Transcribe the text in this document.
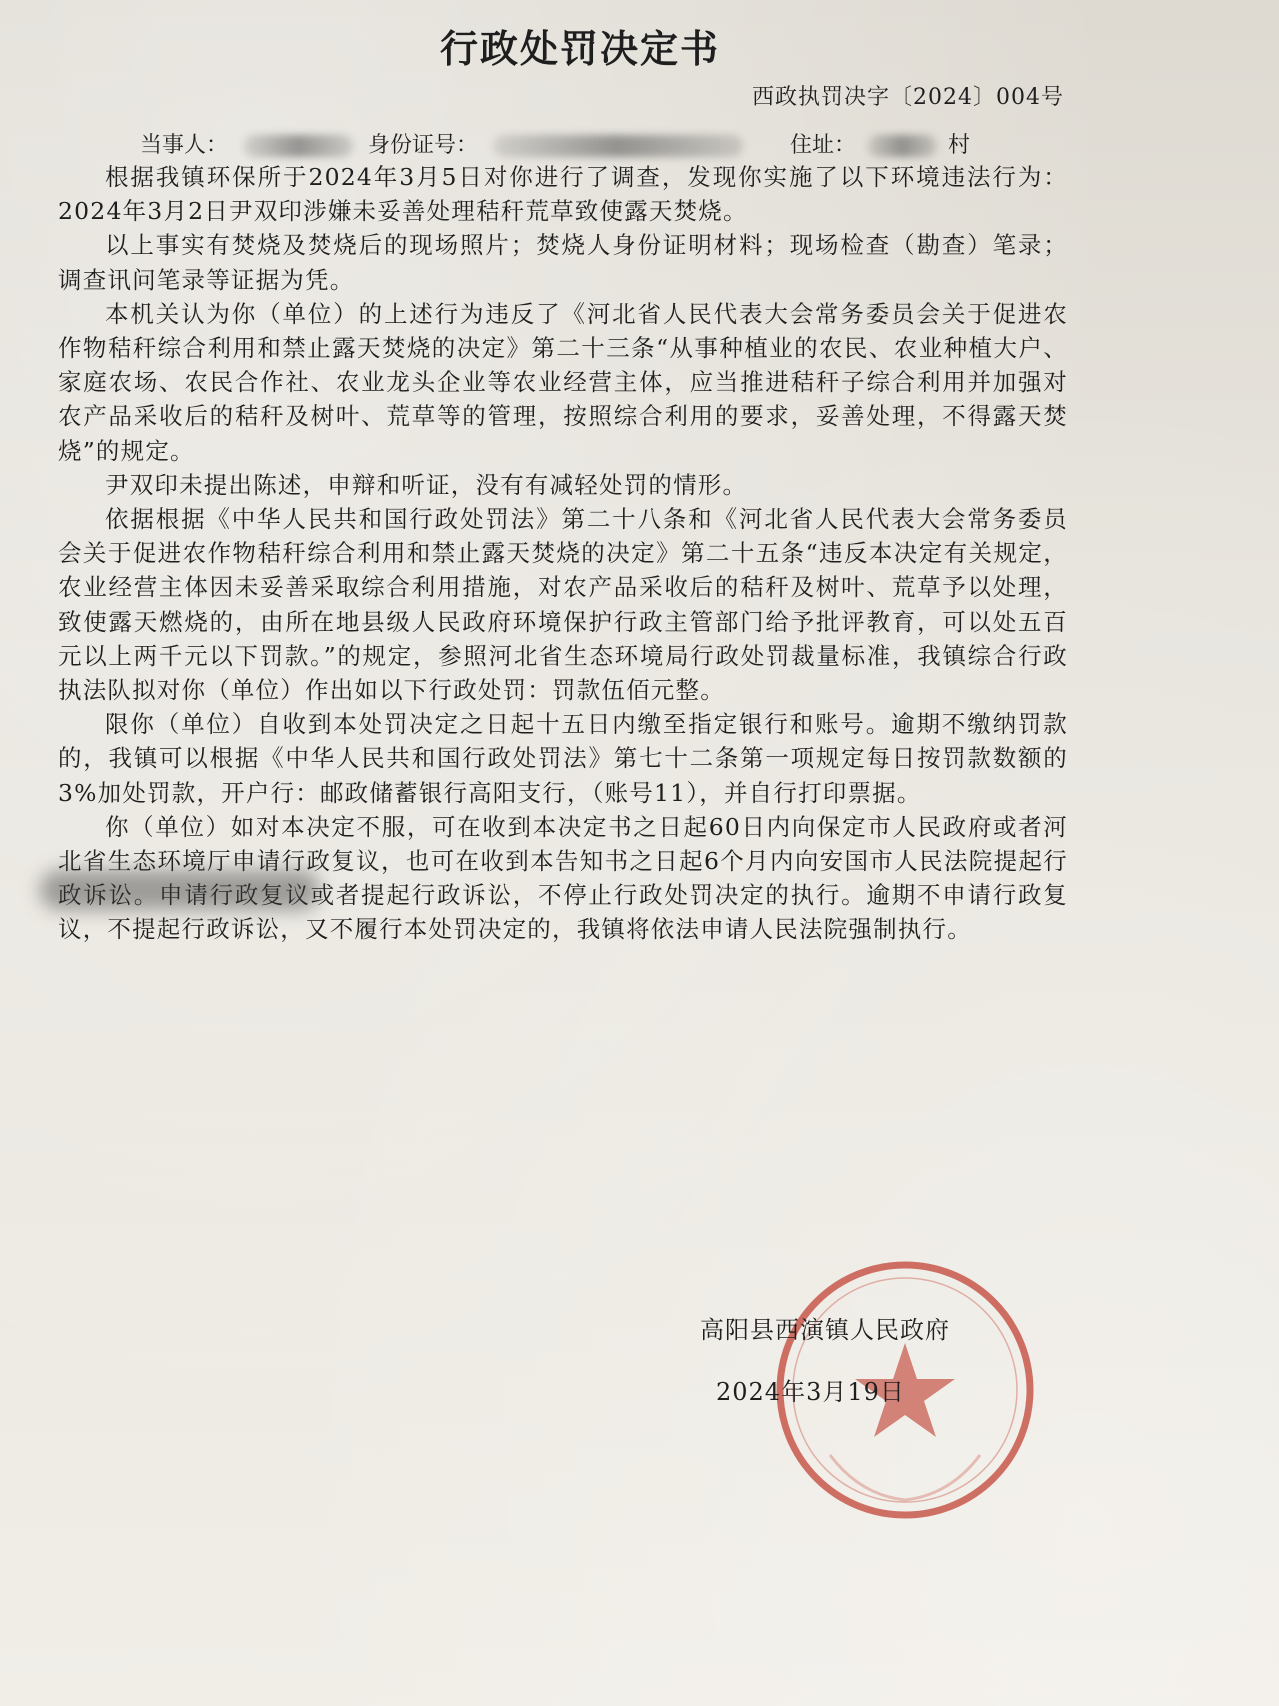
行政处罚决定书
西政执罚决字〔2024〕004号
当事人：	身份证号：	住址：	村

根据我镇环保所于2024年3月5日对你进行了调查，发现你实施了以下环境违法行为：2024年3月2日尹双印涉嫌未妥善处理秸秆荒草致使露天焚烧。

以上事实有焚烧及焚烧后的现场照片；焚烧人身份证明材料；现场检查（勘查）笔录；调查讯问笔录等证据为凭。

本机关认为你（单位）的上述行为违反了《河北省人民代表大会常务委员会关于促进农作物秸秆综合利用和禁止露天焚烧的决定》第二十三条“从事种植业的农民、农业种植大户、家庭农场、农民合作社、农业龙头企业等农业经营主体，应当推进秸秆子综合利用并加强对农产品采收后的秸秆及树叶、荒草等的管理，按照综合利用的要求，妥善处理，不得露天焚烧”的规定。

尹双印未提出陈述，申辩和听证，没有有减轻处罚的情形。

依据根据《中华人民共和国行政处罚法》第二十八条和《河北省人民代表大会常务委员会关于促进农作物秸秆综合利用和禁止露天焚烧的决定》第二十五条“违反本决定有关规定，农业经营主体因未妥善采取综合利用措施，对农产品采收后的秸秆及树叶、荒草予以处理，致使露天燃烧的，由所在地县级人民政府环境保护行政主管部门给予批评教育，可以处五百元以上两千元以下罚款。”的规定，参照河北省生态环境局行政处罚裁量标准，我镇综合行政执法队拟对你（单位）作出如以下行政处罚：罚款伍佰元整。

限你（单位）自收到本处罚决定之日起十五日内缴至指定银行和账号。逾期不缴纳罚款的，我镇可以根据《中华人民共和国行政处罚法》第七十二条第一项规定每日按罚款数额的3%加处罚款，开户行：邮政储蓄银行高阳支行，（账号11），并自行打印票据。

你（单位）如对本决定不服，可在收到本决定书之日起60日内向保定市人民政府或者河北省生态环境厅申请行政复议，也可在收到本告知书之日起6个月内向安国市人民法院提起行政诉讼。申请行政复议或者提起行政诉讼，不停止行政处罚决定的执行。逾期不申请行政复议，不提起行政诉讼，又不履行本处罚决定的，我镇将依法申请人民法院强制执行。

高阳县西演镇人民政府
2024年3月19日
